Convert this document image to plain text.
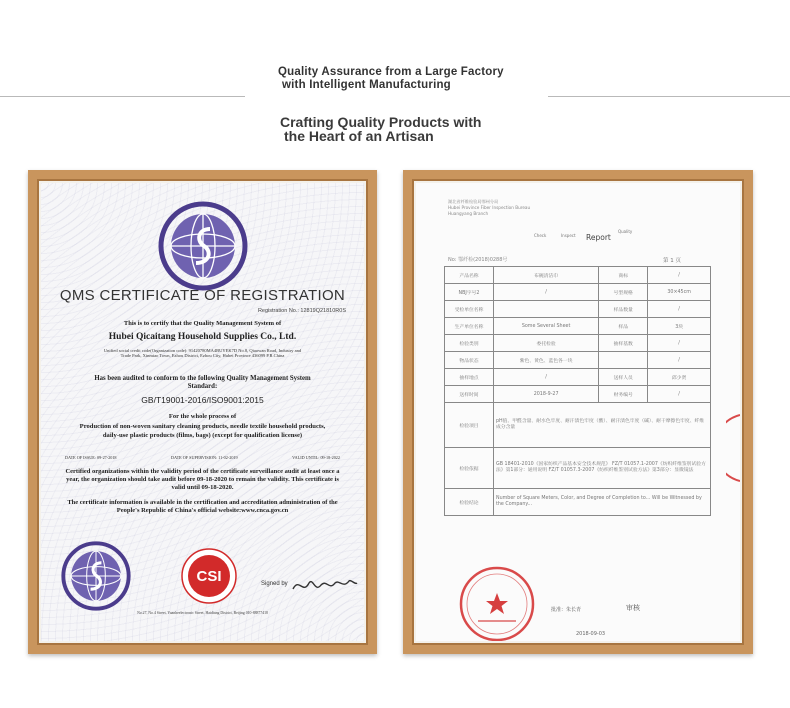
Quality Assurance from a Large Factory
with Intelligent Manufacturing
Crafting Quality Products with
the Heart of an Artisan
QMS CERTIFICATE OF REGISTRATION
Registration No.: 12819Q21810R0S
This is to certify that the Quality Management System of
Hubei Qicaitang Household Supplies Co., Ltd.
Unified social credit code(Organization code): 91420780MA4BUYEK7D No.8, Qiaowan Road, Industry and Trade Park, Xinmiao Town, Ezhou District, Ezhou City, Hubei Province 436099 P.R.China
Has been audited to conform to the following Quality Management System Standard:
GB/T19001-2016/ISO9001:2015
For the whole process of
Production of non-woven sanitary cleaning products, needle textile household products, daily-use plastic products (films, bags) (except for qualification license)
DATE OF ISSUE: 09-27-2018	DATE OF SUPERVISION: 11-02-2019	VALID UNTIL: 09-18-2022
Certified organizations within the validity period of the certificate surveillance audit at least once a year, the organization should take audit before 09-18-2020 to remain the validity. This certificate is valid until 09-18-2020.
The certificate information is available in the certification and accreditation administration of the People's Republic of China's official website:www.cnca.gov.cn
CSI	Signed by
No.27, No.4 Street, Yuanheelectronic Street, Haidiang District, Beijing 010-88877418
湖北省纤维检验局鄂州分局
Hubei Province Fiber Inspection Bureau
Huangyang Branch
Check	Inspect Report
Quality
No: 鄂纤检(2018)0288号	第 1 页
产品名称	布碗清洁巾	商标	/
NBJ字号2	/	号型规格	30×45cm
受检单位名称		样品数量	/
生产单位名称	Some Several Sheet	样品	3块
检验类别	委托检验	抽样基数	/
物品状态	紫色、黄色、蓝色各一块		/
抽样地点	/	送样人员	邱少贤
送样时间	2018-9-27	财务编号	/
检验项目	pH值、甲醛含量、耐水色牢度、耐汗渍色牢度（酸）、耐汗渍色牢度（碱）、耐干摩擦色牢度、纤维成分含量		
检验依据	GB 18401-2010《国家纺织产品基本安全技术规范》 FZ/T 01057.1-2007《纺织纤维鉴别试验方法》第1部分：通用说明 FZ/T 01057.3-2007《纺织纤维鉴别试验方法》第3部分：显微镜法		
检验结论	Number of Square Meters, Color, and Degree of Completion to... Will be Witnessed by the Company...		
批准：朱长青	审核
2018-09-03
